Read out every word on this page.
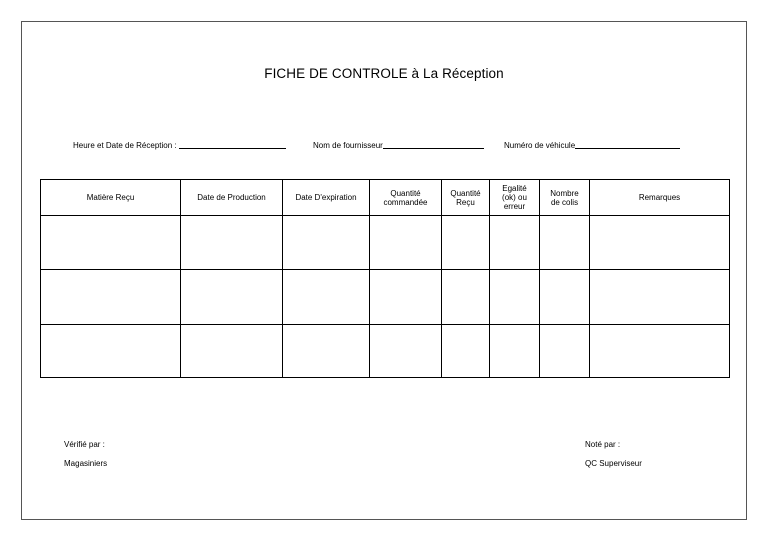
FICHE DE CONTROLE à La Réception
Heure et Date de Réception :	Nom de fournisseur	Numéro de véhicule
Matière Reçu	Date de Production	Date D'expiration	Quantité commandée	Quantité Reçu	Egalité (ok) ou erreur	Nombre de colis	Remarques

Vérifié par :
Magasiniers
Noté par :
QC Superviseur
